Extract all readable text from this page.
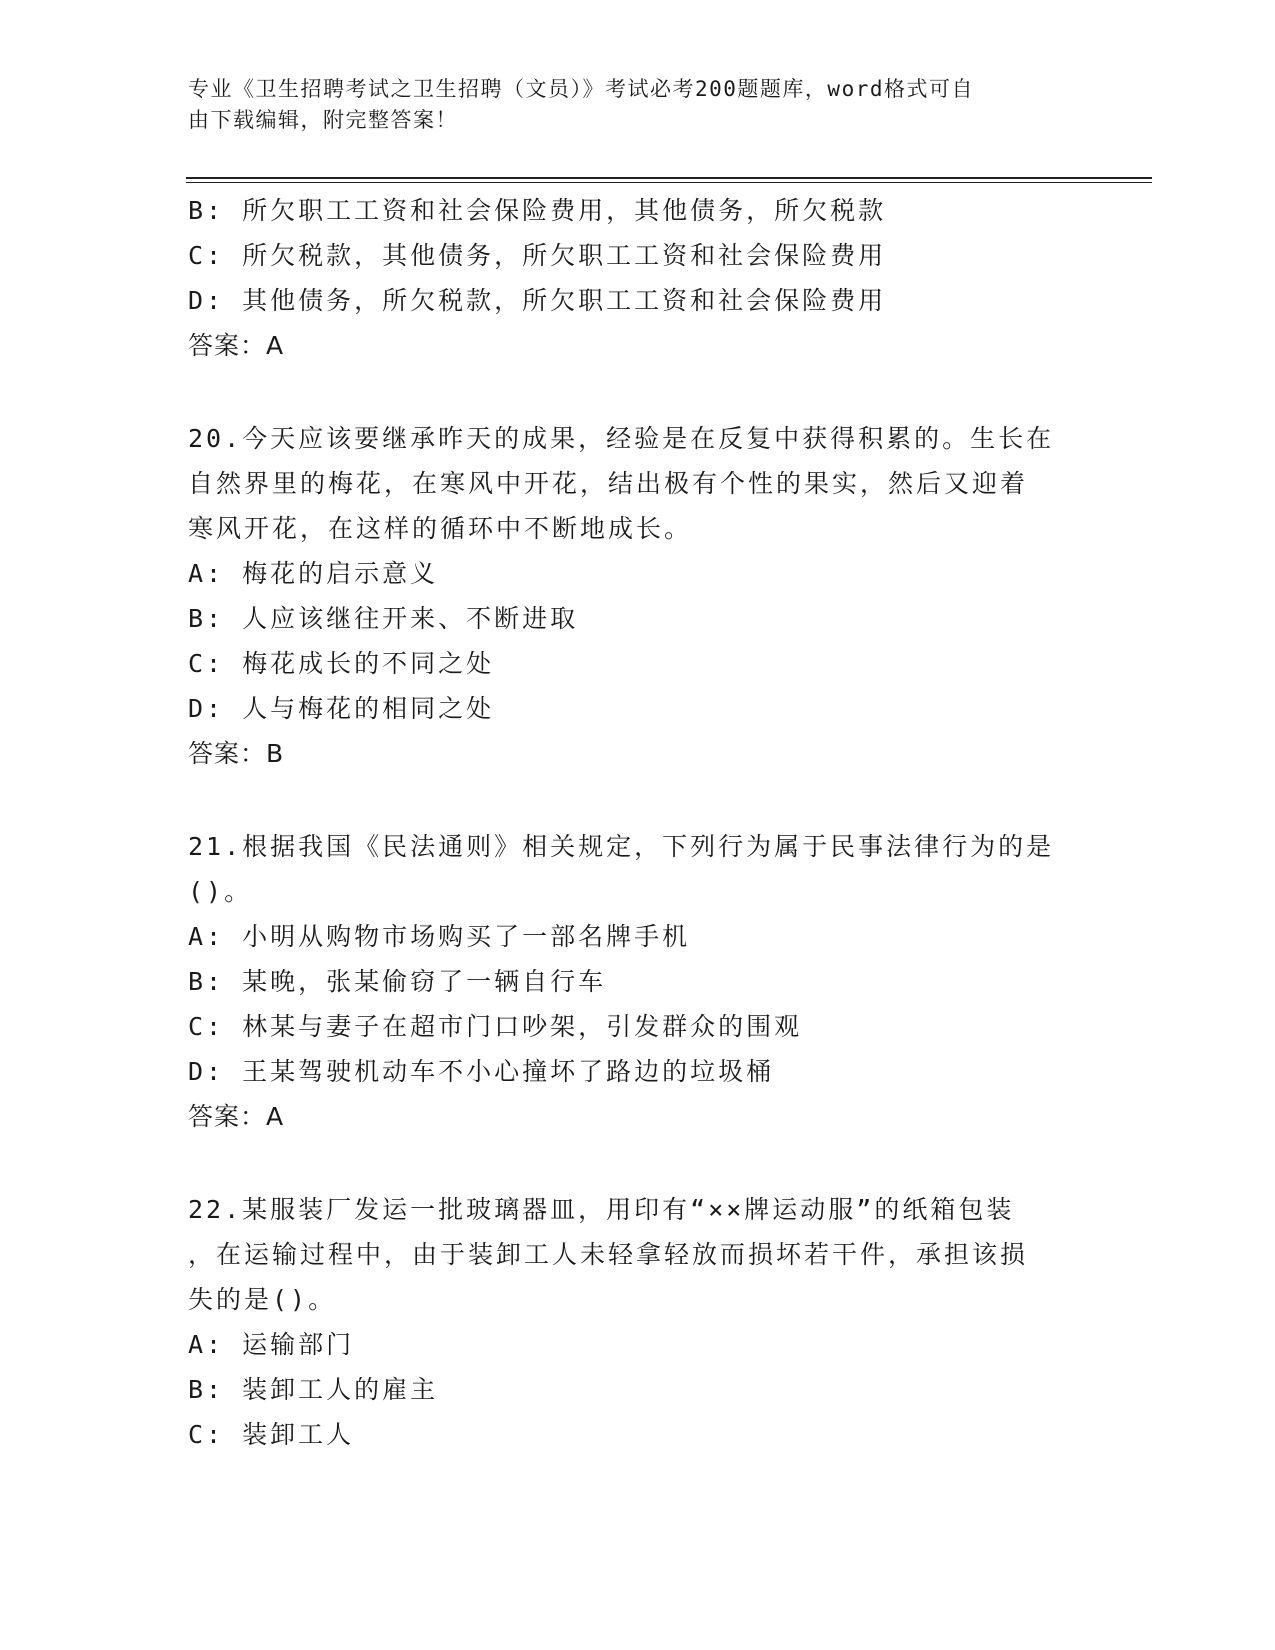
专业《卫生招聘考试之卫生招聘（文员）》考试必考200题题库，word格式可自
由下载编辑，附完整答案！
B: 所欠职工工资和社会保险费用，其他债务，所欠税款
C: 所欠税款，其他债务，所欠职工工资和社会保险费用
D: 其他债务，所欠税款，所欠职工工资和社会保险费用
答案：A
20.今天应该要继承昨天的成果，经验是在反复中获得积累的。生长在
自然界里的梅花，在寒风中开花，结出极有个性的果实，然后又迎着
寒风开花，在这样的循环中不断地成长。
A: 梅花的启示意义
B: 人应该继往开来、不断进取
C: 梅花成长的不同之处
D: 人与梅花的相同之处
答案：B
21.根据我国《民法通则》相关规定，下列行为属于民事法律行为的是
()。
A: 小明从购物市场购买了一部名牌手机
B: 某晚，张某偷窃了一辆自行车
C: 林某与妻子在超市门口吵架，引发群众的围观
D: 王某驾驶机动车不小心撞坏了路边的垃圾桶
答案：A
22.某服装厂发运一批玻璃器皿，用印有“××牌运动服”的纸箱包装
，在运输过程中，由于装卸工人未轻拿轻放而损坏若干件，承担该损
失的是()。
A: 运输部门
B: 装卸工人的雇主
C: 装卸工人
